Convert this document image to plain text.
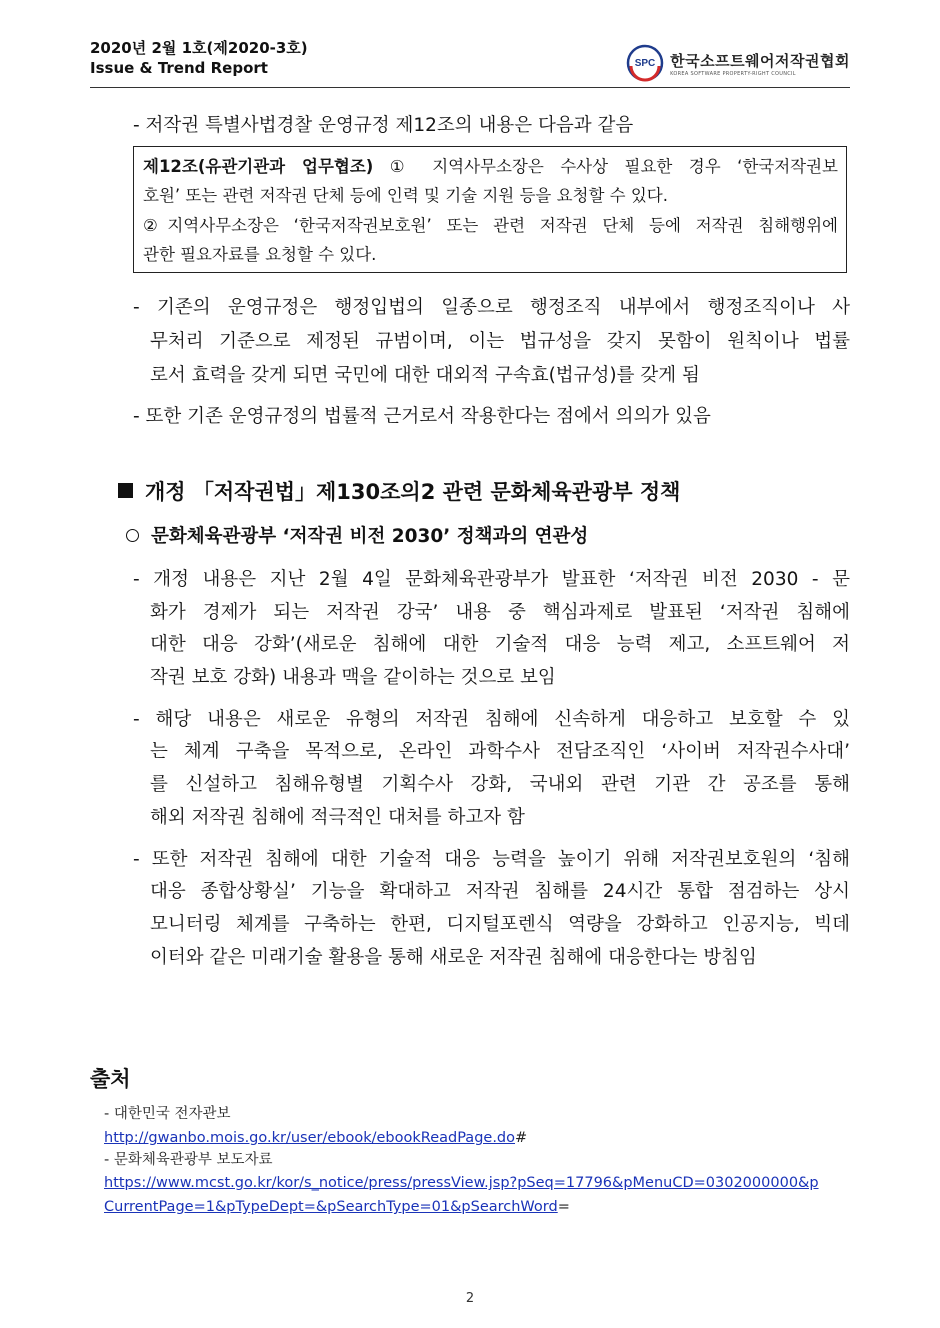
2020년 2월 1호(제2020-3호)
Issue & Trend Report	SPC 한국소프트웨어저작권협회
KOREA SOFTWARE PROPERTY-RIGHT COUNCIL
- 저작권 특별사법경찰 운영규정 제12조의 내용은 다음과 같음
제12조(유관기관과 업무협조) ① 지역사무소장은 수사상 필요한 경우 ‘한국저작권보
호원’ 또는 관련 저작권 단체 등에 인력 및 기술 지원 등을 요청할 수 있다.
②지역사무소장은 ‘한국저작권보호원’ 또는 관련 저작권 단체 등에 저작권 침해행위에
관한 필요자료를 요청할 수 있다.
- 기존의 운영규정은 행정입법의 일종으로 행정조직 내부에서 행정조직이나 사
무처리 기준으로 제정된 규범이며, 이는 법규성을 갖지 못함이 원칙이나 법률
로서 효력을 갖게 되면 국민에 대한 대외적 구속효(법규성)를 갖게 됨
- 또한 기존 운영규정의 법률적 근거로서 작용한다는 점에서 의의가 있음
개정 「저작권법」제130조의2 관련 문화체육관광부 정책
문화체육관광부 ‘저작권 비전 2030’ 정책과의 연관성
- 개정 내용은 지난 2월 4일 문화체육관광부가 발표한 ‘저작권 비전 2030 - 문
화가 경제가 되는 저작권 강국’ 내용 중 핵심과제로 발표된 ‘저작권 침해에
대한 대응 강화’(새로운 침해에 대한 기술적 대응 능력 제고, 소프트웨어 저
작권 보호 강화) 내용과 맥을 같이하는 것으로 보임
- 해당 내용은 새로운 유형의 저작권 침해에 신속하게 대응하고 보호할 수 있
는 체계 구축을 목적으로, 온라인 과학수사 전담조직인 ‘사이버 저작권수사대’
를 신설하고 침해유형별 기획수사 강화, 국내외 관련 기관 간 공조를 통해
해외 저작권 침해에 적극적인 대처를 하고자 함
- 또한 저작권 침해에 대한 기술적 대응 능력을 높이기 위해 저작권보호원의 ‘침해
대응 종합상황실’ 기능을 확대하고 저작권 침해를 24시간 통합 점검하는 상시
모니터링 체계를 구축하는 한편, 디지털포렌식 역량을 강화하고 인공지능, 빅데
이터와 같은 미래기술 활용을 통해 새로운 저작권 침해에 대응한다는 방침임
출처
- 대한민국 전자관보
http://gwanbo.mois.go.kr/user/ebook/ebookReadPage.do#
- 문화체육관광부 보도자료
https://www.mcst.go.kr/kor/s_notice/press/pressView.jsp?pSeq=17796&pMenuCD=0302000000&p
CurrentPage=1&pTypeDept=&pSearchType=01&pSearchWord=
2
